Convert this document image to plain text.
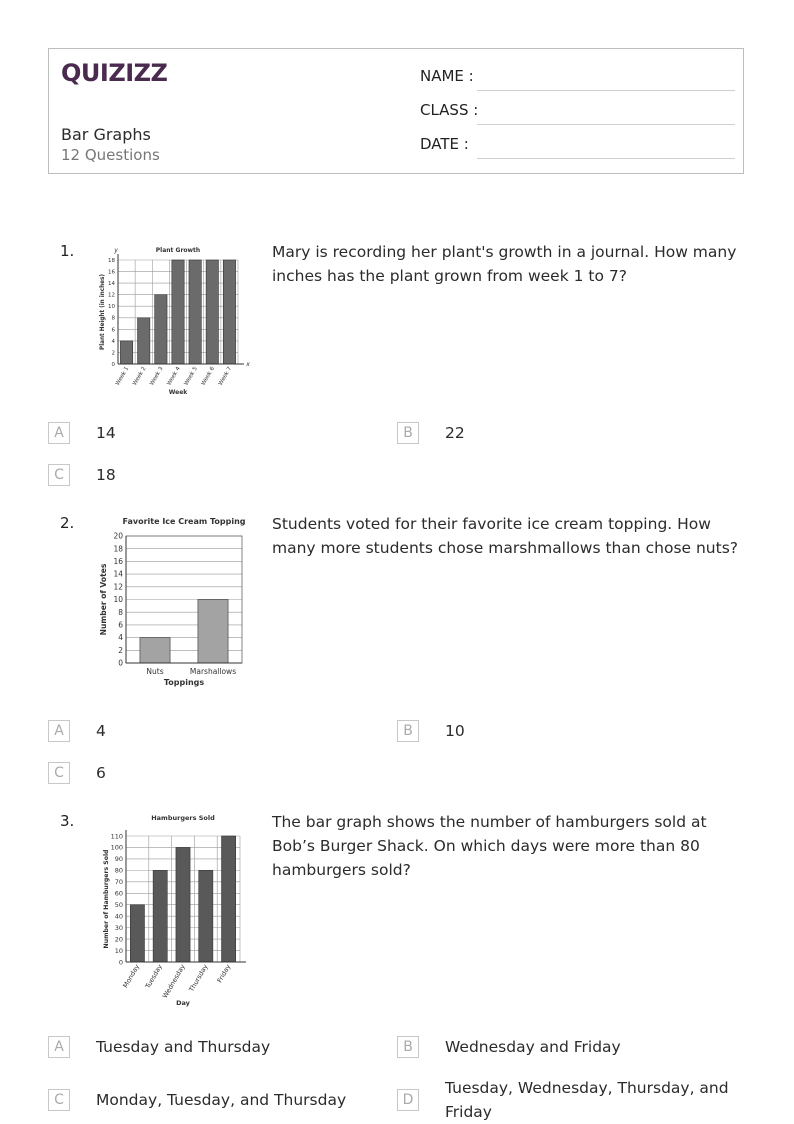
QUIZIZZ
Bar Graphs
12 Questions
NAME :
CLASS :
DATE :
1.	Mary is recording her plant's growth in a journal. How many inches has the plant grown from week 1 to 7?
Plant Growth
0
2
4
6
8
10
12
14
16
18
Week 1 Week 2 Week 3 Week 4 Week 5 Week 6 Week 7
y
x
Week
Plant Height (in inches)
A	14	B	22
C	18
2.	Students voted for their favorite ice cream topping. How many more students chose marshmallows than chose nuts?
Favorite Ice Cream Topping
0
2
4
6
8
10
12
14
16
18
20
Nuts	Marshallows
Toppings
Number of Votes
A	4	B	10
C	6
3.	The bar graph shows the number of hamburgers sold at Bob’s Burger Shack. On which days were more than 80 hamburgers sold?
Hamburgers Sold
0
10
20
30
40
50
60
70
80
90
100
110
Monday Tuesday
Wednesday Thursday Friday
Day
Number of Hamburgers Sold
A	Tuesday and Thursday	B	Wednesday and Friday
C	Monday, Tuesday, and Thursday	D
Tuesday, Wednesday, Thursday, and Friday
